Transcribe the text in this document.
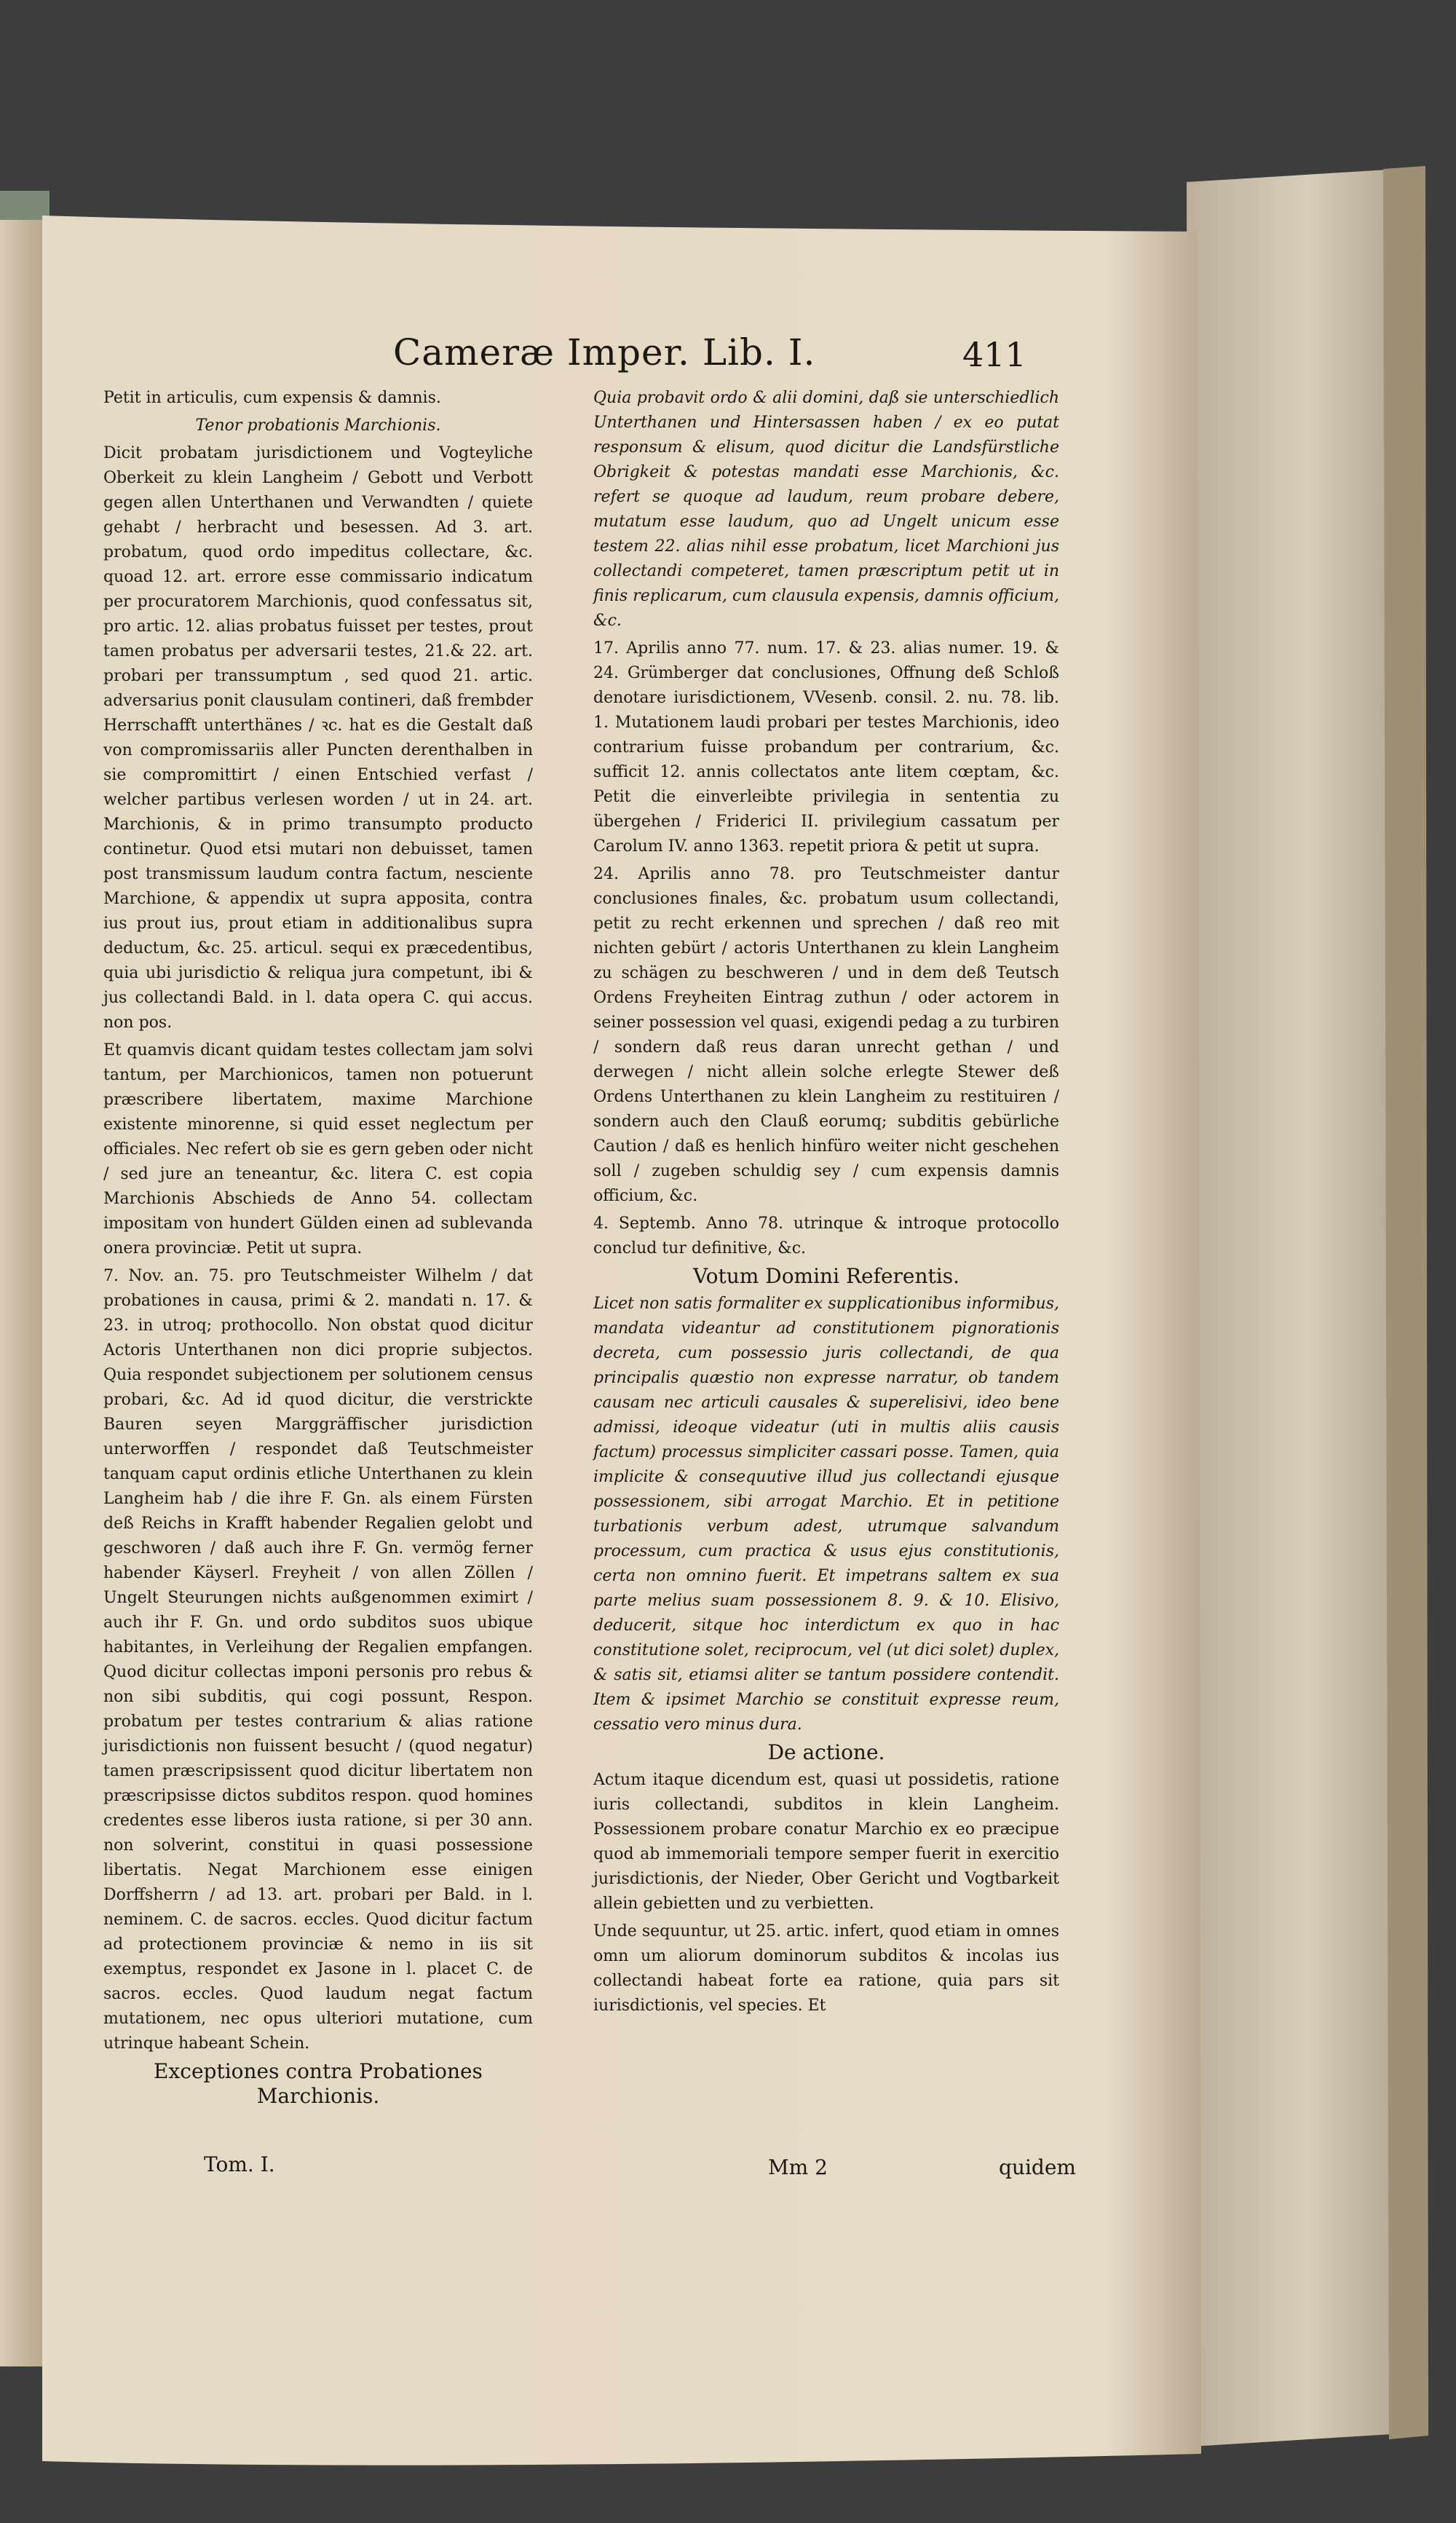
Cameræ Imper. Lib. I.	411

Petit in articulis, cum expensis & damnis.

Tenor probationis Marchionis.

Dicit probatam jurisdictionem und Vogteyliche Oberkeit zu klein Langheim / Gebott und Verbott gegen allen Unterthanen und Verwandten / quiete gehabt / herbracht und besessen. Ad 3. art. probatum, quod ordo impeditus collectare, &c. quoad 12. art. errore esse commissario indicatum per procuratorem Marchionis, quod confessatus sit, pro artic. 12. alias probatus fuisset per testes, prout tamen probatus per adversarii testes, 21.& 22. art. probari per transsumptum , sed quod 21. artic. adversarius ponit clausulam contineri, daß frembder Herrschafft unterthänes / ꝛc. hat es die Gestalt daß von compromissariis aller Puncten derenthalben in sie compromittirt / einen Entschied verfast / welcher partibus verlesen worden / ut in 24. art. Marchionis, & in primo transumpto producto continetur. Quod etsi mutari non debuisset, tamen post transmissum laudum contra factum, nesciente Marchione, & appendix ut supra apposita, contra ius prout ius, prout etiam in additionalibus supra deductum, &c. 25. articul. sequi ex præcedentibus, quia ubi jurisdictio & reliqua jura competunt, ibi & jus collectandi Bald. in l. data opera C. qui accus. non pos.

Et quamvis dicant quidam testes collectam jam solvi tantum, per Marchionicos, tamen non potuerunt præscribere libertatem, maxime Marchione existente minorenne, si quid esset neglectum per officiales. Nec refert ob sie es gern geben oder nicht / sed jure an teneantur, &c. litera C. est copia Marchionis Abschieds de Anno 54. collectam impositam von hundert Gülden einen ad sublevanda onera provinciæ. Petit ut supra.

7. Nov. an. 75. pro Teutschmeister Wilhelm / dat probationes in causa, primi & 2. mandati n. 17. & 23. in utroq; prothocollo. Non obstat quod dicitur Actoris Unterthanen non dici proprie subjectos. Quia respondet subjectionem per solutionem census probari, &c. Ad id quod dicitur, die verstrickte Bauren seyen Marggräffischer jurisdiction unterworffen / respondet daß Teutschmeister tanquam caput ordinis etliche Unterthanen zu klein Langheim hab / die ihre F. Gn. als einem Fürsten deß Reichs in Krafft habender Regalien gelobt und geschworen / daß auch ihre F. Gn. vermög ferner habender Käyserl. Freyheit / von allen Zöllen / Ungelt Steurungen nichts außgenommen eximirt / auch ihr F. Gn. und ordo subditos suos ubique habitantes, in Verleihung der Regalien empfangen. Quod dicitur collectas imponi personis pro rebus & non sibi subditis, qui cogi possunt, Respon. probatum per testes contrarium & alias ratione jurisdictionis non fuissent besucht / (quod negatur) tamen præscripsissent quod dicitur libertatem non præscripsisse dictos subditos respon. quod homines credentes esse liberos iusta ratione, si per 30 ann. non solverint, constitui in quasi possessione libertatis. Negat Marchionem esse einigen Dorffsherrn / ad 13. art. probari per Bald. in l. neminem. C. de sacros. eccles. Quod dicitur factum ad protectionem provinciæ & nemo in iis sit exemptus, respondet ex Jasone in l. placet C. de sacros. eccles. Quod laudum negat factum mutationem, nec opus ulteriori mutatione, cum utrinque habeant Schein.

Exceptiones contra Probationes Marchionis.

Quia probavit ordo & alii domini, daß sie unterschiedlich Unterthanen und Hintersassen haben / ex eo putat responsum & elisum, quod dicitur die Landsfürstliche Obrigkeit & potestas mandati esse Marchionis, &c. refert se quoque ad laudum, reum probare debere, mutatum esse laudum, quo ad Ungelt unicum esse testem 22. alias nihil esse probatum, licet Marchioni jus collectandi competeret, tamen præscriptum petit ut in finis replicarum, cum clausula expensis, damnis officium, &c.

17. Aprilis anno 77. num. 17. & 23. alias numer. 19. & 24. Grümberger dat conclusiones, Offnung deß Schloß denotare iurisdictionem, VVesenb. consil. 2. nu. 78. lib. 1. Mutationem laudi probari per testes Marchionis, ideo contrarium fuisse probandum per contrarium, &c. sufficit 12. annis collectatos ante litem cœptam, &c. Petit die einverleibte privilegia in sententia zu übergehen / Friderici II. privilegium cassatum per Carolum IV. anno 1363. repetit priora & petit ut supra.

24. Aprilis anno 78. pro Teutschmeister dantur conclusiones finales, &c. probatum usum collectandi, petit zu recht erkennen und sprechen / daß reo mit nichten gebürt / actoris Unterthanen zu klein Langheim zu schägen zu beschweren / und in dem deß Teutsch Ordens Freyheiten Eintrag zuthun / oder actorem in seiner possession vel quasi, exigendi pedag a zu turbiren / sondern daß reus daran unrecht gethan / und derwegen / nicht allein solche erlegte Stewer deß Ordens Unterthanen zu klein Langheim zu restituiren / sondern auch den Clauß eorumq; subditis gebürliche Caution / daß es henlich hinfüro weiter nicht geschehen soll / zugeben schuldig sey / cum expensis damnis officium, &c.

4. Septemb. Anno 78. utrinque & introque protocollo conclud tur definitive, &c.

Votum Domini Referentis.

Licet non satis formaliter ex supplicationibus informibus, mandata videantur ad constitutionem pignorationis decreta, cum possessio juris collectandi, de qua principalis quæstio non expresse narratur, ob tandem causam nec articuli causales & superelisivi, ideo bene admissi, ideoque videatur (uti in multis aliis causis factum) processus simpliciter cassari posse. Tamen, quia implicite & consequutive illud jus collectandi ejusque possessionem, sibi arrogat Marchio. Et in petitione turbationis verbum adest, utrumque salvandum processum, cum practica & usus ejus constitutionis, certa non omnino fuerit. Et impetrans saltem ex sua parte melius suam possessionem 8. 9. & 10. Elisivo, deducerit, sitque hoc interdictum ex quo in hac constitutione solet, reciprocum, vel (ut dici solet) duplex, & satis sit, etiamsi aliter se tantum possidere contendit. Item & ipsimet Marchio se constituit expresse reum, cessatio vero minus dura.

De actione.

Actum itaque dicendum est, quasi ut possidetis, ratione iuris collectandi, subditos in klein Langheim. Possessionem probare conatur Marchio ex eo præcipue quod ab immemoriali tempore semper fuerit in exercitio jurisdictionis, der Nieder, Ober Gericht und Vogtbarkeit allein gebietten und zu verbietten.

Unde sequuntur, ut 25. artic. infert, quod etiam in omnes omn um aliorum dominorum subditos & incolas ius collectandi habeat forte ea ratione, quia pars sit iurisdictionis, vel species. Et

Tom. I.	Mm 2	quidem
